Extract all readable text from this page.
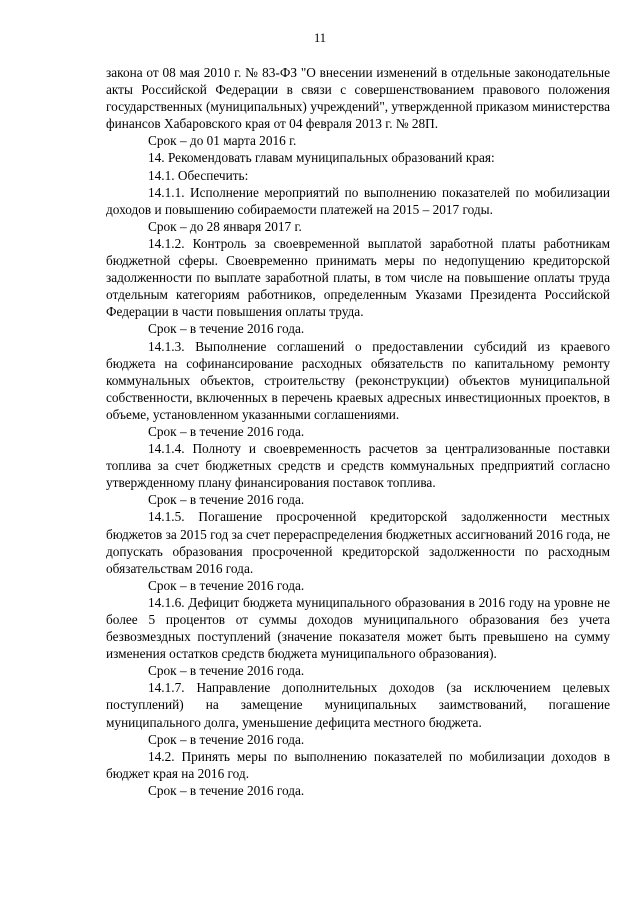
11

закона от 08 мая 2010 г. № 83-ФЗ "О внесении изменений в отдельные законодательные акты Российской Федерации в связи с совершенствованием правового положения государственных (муниципальных) учреждений", утвержденной приказом министерства финансов Хабаровского края от 04 февраля 2013 г. № 28П.

Срок – до 01 марта 2016 г.

14. Рекомендовать главам муниципальных образований края:

14.1. Обеспечить:

14.1.1. Исполнение мероприятий по выполнению показателей по мобилизации доходов и повышению собираемости платежей на 2015 – 2017 годы.

Срок – до 28 января 2017 г.

14.1.2. Контроль за своевременной выплатой заработной платы работникам бюджетной сферы. Своевременно принимать меры по недопущению кредиторской задолженности по выплате заработной платы, в том числе на повышение оплаты труда отдельным категориям работников, определенным Указами Президента Российской Федерации в части повышения оплаты труда.

Срок – в течение 2016 года.

14.1.3. Выполнение соглашений о предоставлении субсидий из краевого бюджета на софинансирование расходных обязательств по капитальному ремонту коммунальных объектов, строительству (реконструкции) объектов муниципальной собственности, включенных в перечень краевых адресных инвестиционных проектов, в объеме, установленном указанными соглашениями.

Срок – в течение 2016 года.

14.1.4. Полноту и своевременность расчетов за централизованные поставки топлива за счет бюджетных средств и средств коммунальных предприятий согласно утвержденному плану финансирования поставок топлива.

Срок – в течение 2016 года.

14.1.5. Погашение просроченной кредиторской задолженности местных бюджетов за 2015 год за счет перераспределения бюджетных ассигнований 2016 года, не допускать образования просроченной кредиторской задолженности по расходным обязательствам 2016 года.

Срок – в течение 2016 года.

14.1.6. Дефицит бюджета муниципального образования в 2016 году на уровне не более 5 процентов от суммы доходов муниципального образования без учета безвозмездных поступлений (значение показателя может быть превышено на сумму изменения остатков средств бюджета муниципального образования).

Срок – в течение 2016 года.

14.1.7. Направление дополнительных доходов (за исключением целевых поступлений) на замещение муниципальных заимствований, погашение муниципального долга, уменьшение дефицита местного бюджета.

Срок – в течение 2016 года.

14.2. Принять меры по выполнению показателей по мобилизации доходов в бюджет края на 2016 год.

Срок – в течение 2016 года.
